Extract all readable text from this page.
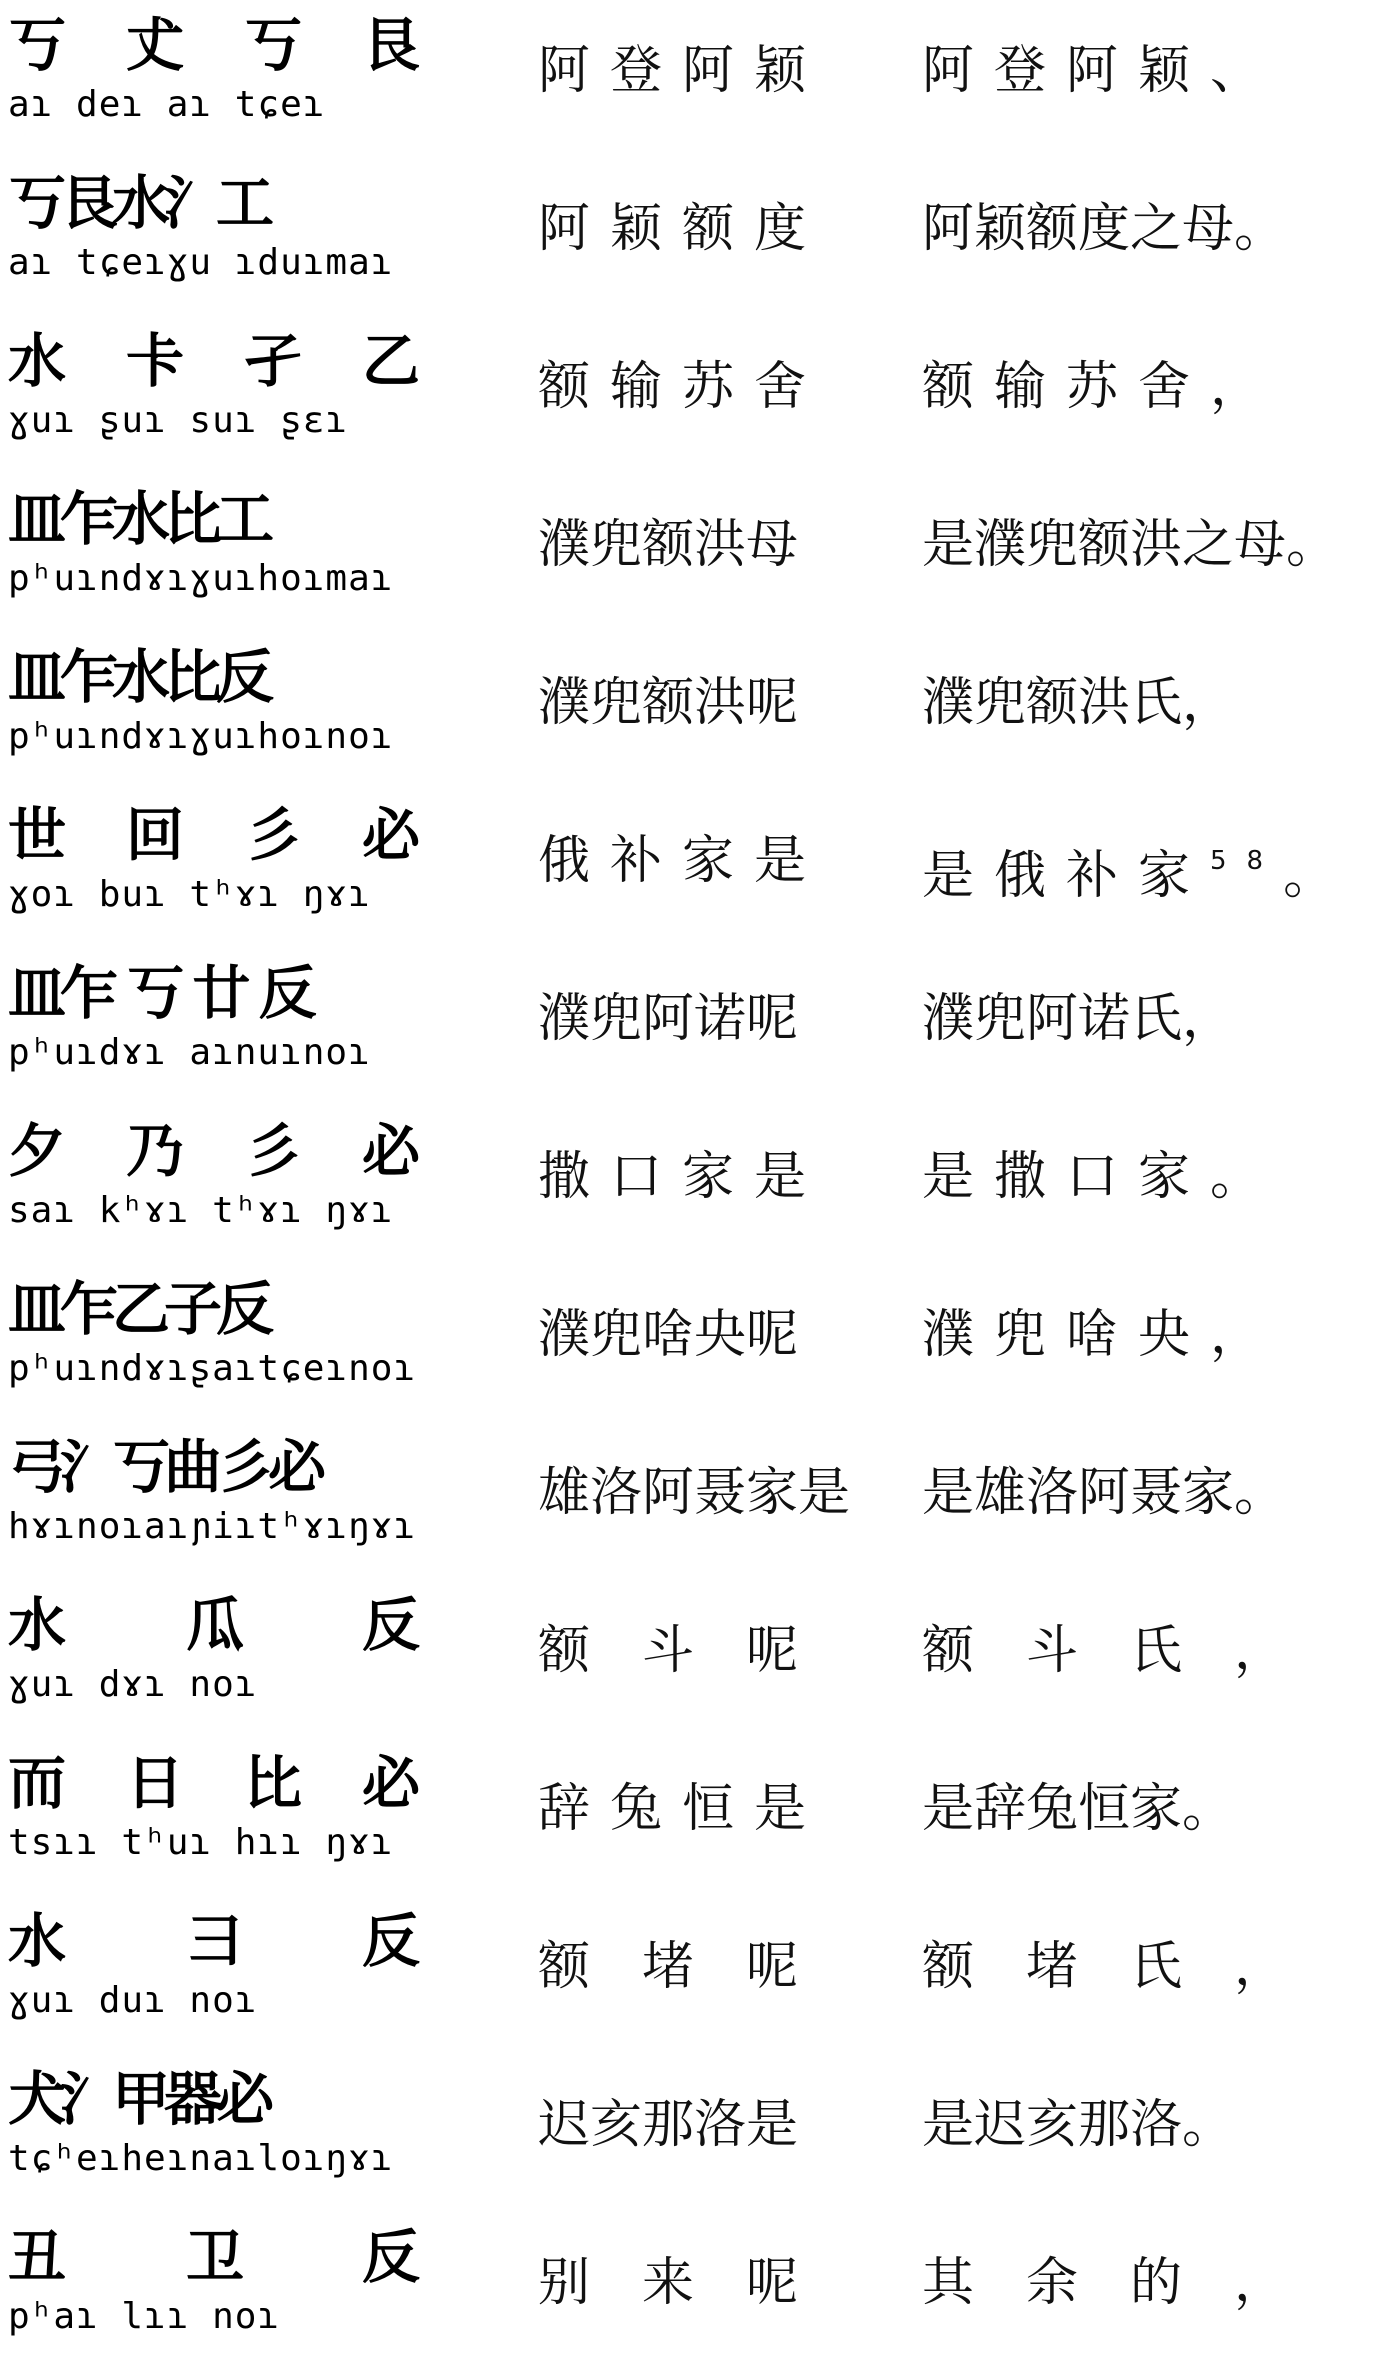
丂 𠀋 丂 艮
aɿ deɿ aɿ tɕeɿ
阿登阿颖 阿登阿颖、
丂艮水氵工
aɿ tɕeɿɣu ɿduɿmaɿ
阿颖额度 阿颖额度之母。
水 卡 孑 乙
ɣuɿ ʂuɿ suɿ ʂɛɿ
额输苏舍 额输苏舍，
皿乍水比工
pʰuɿndɤɿɣuɿhoɿmaɿ
濮兜额洪母 是濮兜额洪之母。
皿乍水比反
pʰuɿndɤɿɣuɿhoɿnoɿ
濮兜额洪呢 濮兜额洪氏，
世 回 彡 必
ɣoɿ buɿ tʰɤɿ ŋɤɿ
俄补家是 是俄补家$^{58}$。
皿乍 丂 廿 反
pʰuɿdɤɿ aɿnuɿnoɿ
濮兜阿诺呢 濮兜阿诺氏，
夕 乃 彡 必
saɿ kʰɤɿ tʰɤɿ ŋɤɿ
撒口家是 是撒口家。
皿乍乙子反
pʰuɿndɤɿʂaɿtɕeɿnoɿ
濮兜啥央呢 濮兜啥央，
弓氵丂曲彡必
hɤɿnoɿaɿɲiɿtʰɤɿŋɤɿ
雄洛阿聂家是 是雄洛阿聂家。
水 瓜 反
ɣuɿ dɤɿ noɿ
额斗呢 额斗氏，
而 日 比 必
tsɿɿ tʰuɿ hɿɿ ŋɤɿ
辞兔恒是 是辞兔恒家。
水 彐 反
ɣuɿ duɿ noɿ
额堵呢 额堵氏，
犬氵甲器必
tɕʰeɿheɿnaɿloɿŋɤɿ
迟亥那洛是 是迟亥那洛。
丑 卫 反
pʰaɿ lɿɿ noɿ
别来呢 其余的，
